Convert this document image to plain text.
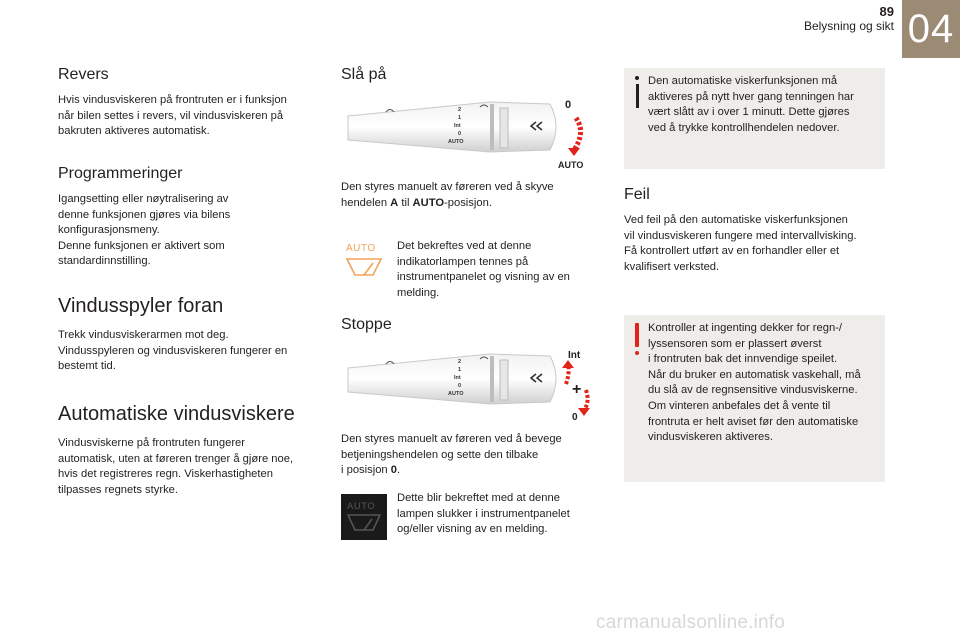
89
Belysning og sikt 04
Revers

Hvis vindusviskeren på frontruten er i funksjon

når bilen settes i revers, vil vindusviskeren på

bakruten aktiveres automatisk.

Programmeringer

Igangsetting eller nøytralisering av

denne funksjonen gjøres via bilens

konfigurasjonsmeny.

Denne funksjonen er aktivert som

standardinnstilling.

Vindusspyler foran

Trekk vindusviskerarmen mot deg.

Vindusspyleren og vindusviskeren fungerer en

bestemt tid.

Automatiske vindusviskere

Vindusviskerne på frontruten fungerer

automatisk, uten at føreren trenger å gjøre noe,

hvis det registreres regn. Viskerhastigheten

tilpasses regnets styrke.

Slå på
2
1
Int
0
AUTO
0
AUTO

Den styres manuelt av føreren ved å skyve

hendelen A til AUTO-posisjon.

AUTO Det bekreftes ved at denne

indikatorlampen tennes på

instrumentpanelet og visning av en

melding.

Stoppe
2
1
Int
0
AUTO
Int
+
0

Den styres manuelt av føreren ved å bevege

betjeningshendelen og sette den tilbake

i posisjon 0.

AUTO

Dette blir bekreftet med at denne

lampen slukker i instrumentpanelet

og/eller visning av en melding.

Den automatiske viskerfunksjonen må

aktiveres på nytt hver gang tenningen har

vært slått av i over 1 minutt. Dette gjøres

ved å trykke kontrollhendelen nedover.

Feil

Ved feil på den automatiske viskerfunksjonen

vil vindusviskeren fungere med intervallvisking.

Få kontrollert utført av en forhandler eller et

kvalifisert verksted.

Kontroller at ingenting dekker for regn-/

lyssensoren som er plassert øverst

i frontruten bak det innvendige speilet.

Når du bruker en automatisk vaskehall, må

du slå av de regnsensitive vindusviskerne.

Om vinteren anbefales det å vente til

frontruta er helt aviset før den automatiske

vindusviskeren aktiveres.

carmanualsonline.info
